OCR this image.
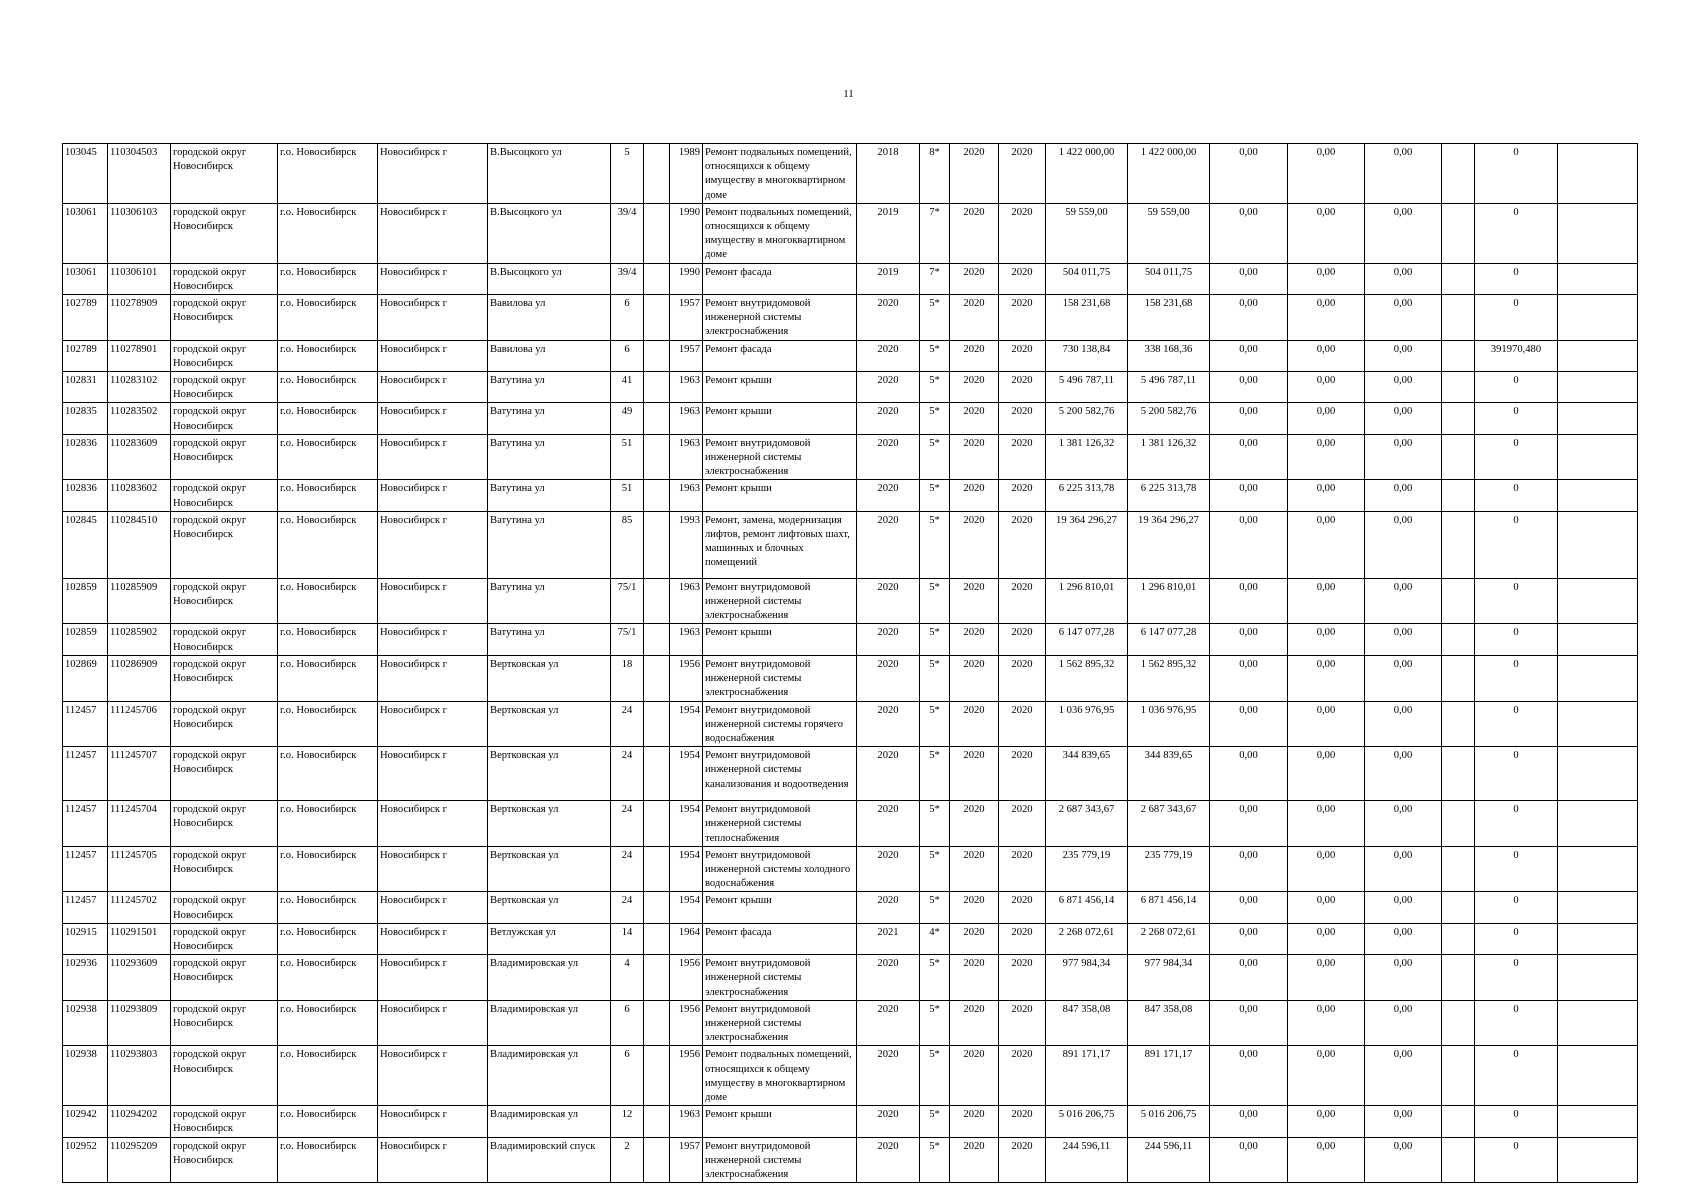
11
103045	110304503	городской округ Новосибирск	г.о. Новосибирск	Новосибирск г	В.Высоцкого ул	5		1989	Ремонт подвальных помещений, относящихся к общему имуществу в многоквартирном доме	2018	8*	2020	2020	1 422 000,00	1 422 000,00	0,00	0,00	0,00		0	
103061	110306103	городской округ Новосибирск	г.о. Новосибирск	Новосибирск г	В.Высоцкого ул	39/4		1990	Ремонт подвальных помещений, относящихся к общему имуществу в многоквартирном доме	2019	7*	2020	2020	59 559,00	59 559,00	0,00	0,00	0,00		0	
103061	110306101	городской округ Новосибирск	г.о. Новосибирск	Новосибирск г	В.Высоцкого ул	39/4		1990	Ремонт фасада	2019	7*	2020	2020	504 011,75	504 011,75	0,00	0,00	0,00		0	
102789	110278909	городской округ Новосибирск	г.о. Новосибирск	Новосибирск г	Вавилова ул	6		1957	Ремонт внутридомовой инженерной системы электроснабжения	2020	5*	2020	2020	158 231,68	158 231,68	0,00	0,00	0,00		0	
102789	110278901	городской округ Новосибирск	г.о. Новосибирск	Новосибирск г	Вавилова ул	6		1957	Ремонт фасада	2020	5*	2020	2020	730 138,84	338 168,36	0,00	0,00	0,00		391970,480	
102831	110283102	городской округ Новосибирск	г.о. Новосибирск	Новосибирск г	Ватутина ул	41		1963	Ремонт крыши	2020	5*	2020	2020	5 496 787,11	5 496 787,11	0,00	0,00	0,00		0	
102835	110283502	городской округ Новосибирск	г.о. Новосибирск	Новосибирск г	Ватутина ул	49		1963	Ремонт крыши	2020	5*	2020	2020	5 200 582,76	5 200 582,76	0,00	0,00	0,00		0	
102836	110283609	городской округ Новосибирск	г.о. Новосибирск	Новосибирск г	Ватутина ул	51		1963	Ремонт внутридомовой инженерной системы электроснабжения	2020	5*	2020	2020	1 381 126,32	1 381 126,32	0,00	0,00	0,00		0	
102836	110283602	городской округ Новосибирск	г.о. Новосибирск	Новосибирск г	Ватутина ул	51		1963	Ремонт крыши	2020	5*	2020	2020	6 225 313,78	6 225 313,78	0,00	0,00	0,00		0	
102845	110284510	городской округ Новосибирск	г.о. Новосибирск	Новосибирск г	Ватутина ул	85		1993	Ремонт, замена, модернизация лифтов, ремонт лифтовых шахт, машинных и блочных помещений	2020	5*	2020	2020	19 364 296,27	19 364 296,27	0,00	0,00	0,00		0	
102859	110285909	городской округ Новосибирск	г.о. Новосибирск	Новосибирск г	Ватутина ул	75/1		1963	Ремонт внутридомовой инженерной системы электроснабжения	2020	5*	2020	2020	1 296 810,01	1 296 810,01	0,00	0,00	0,00		0	
102859	110285902	городской округ Новосибирск	г.о. Новосибирск	Новосибирск г	Ватутина ул	75/1		1963	Ремонт крыши	2020	5*	2020	2020	6 147 077,28	6 147 077,28	0,00	0,00	0,00		0	
102869	110286909	городской округ Новосибирск	г.о. Новосибирск	Новосибирск г	Вертковская ул	18		1956	Ремонт внутридомовой инженерной системы электроснабжения	2020	5*	2020	2020	1 562 895,32	1 562 895,32	0,00	0,00	0,00		0	
112457	111245706	городской округ Новосибирск	г.о. Новосибирск	Новосибирск г	Вертковская ул	24		1954	Ремонт внутридомовой инженерной системы горячего водоснабжения	2020	5*	2020	2020	1 036 976,95	1 036 976,95	0,00	0,00	0,00		0	
112457	111245707	городской округ Новосибирск	г.о. Новосибирск	Новосибирск г	Вертковская ул	24		1954	Ремонт внутридомовой инженерной системы канализования и водоотведения	2020	5*	2020	2020	344 839,65	344 839,65	0,00	0,00	0,00		0	
112457	111245704	городской округ Новосибирск	г.о. Новосибирск	Новосибирск г	Вертковская ул	24		1954	Ремонт внутридомовой инженерной системы теплоснабжения	2020	5*	2020	2020	2 687 343,67	2 687 343,67	0,00	0,00	0,00		0	
112457	111245705	городской округ Новосибирск	г.о. Новосибирск	Новосибирск г	Вертковская ул	24		1954	Ремонт внутридомовой инженерной системы холодного водоснабжения	2020	5*	2020	2020	235 779,19	235 779,19	0,00	0,00	0,00		0	
112457	111245702	городской округ Новосибирск	г.о. Новосибирск	Новосибирск г	Вертковская ул	24		1954	Ремонт крыши	2020	5*	2020	2020	6 871 456,14	6 871 456,14	0,00	0,00	0,00		0	
102915	110291501	городской округ Новосибирск	г.о. Новосибирск	Новосибирск г	Ветлужская ул	14		1964	Ремонт фасада	2021	4*	2020	2020	2 268 072,61	2 268 072,61	0,00	0,00	0,00		0	
102936	110293609	городской округ Новосибирск	г.о. Новосибирск	Новосибирск г	Владимировская ул	4		1956	Ремонт внутридомовой инженерной системы электроснабжения	2020	5*	2020	2020	977 984,34	977 984,34	0,00	0,00	0,00		0	
102938	110293809	городской округ Новосибирск	г.о. Новосибирск	Новосибирск г	Владимировская ул	6		1956	Ремонт внутридомовой инженерной системы электроснабжения	2020	5*	2020	2020	847 358,08	847 358,08	0,00	0,00	0,00		0	
102938	110293803	городской округ Новосибирск	г.о. Новосибирск	Новосибирск г	Владимировская ул	6		1956	Ремонт подвальных помещений, относящихся к общему имуществу в многоквартирном доме	2020	5*	2020	2020	891 171,17	891 171,17	0,00	0,00	0,00		0	
102942	110294202	городской округ Новосибирск	г.о. Новосибирск	Новосибирск г	Владимировская ул	12		1963	Ремонт крыши	2020	5*	2020	2020	5 016 206,75	5 016 206,75	0,00	0,00	0,00		0	
102952	110295209	городской округ Новосибирск	г.о. Новосибирск	Новосибирск г	Владимировский спуск	2		1957	Ремонт внутридомовой инженерной системы электроснабжения	2020	5*	2020	2020	244 596,11	244 596,11	0,00	0,00	0,00		0	
